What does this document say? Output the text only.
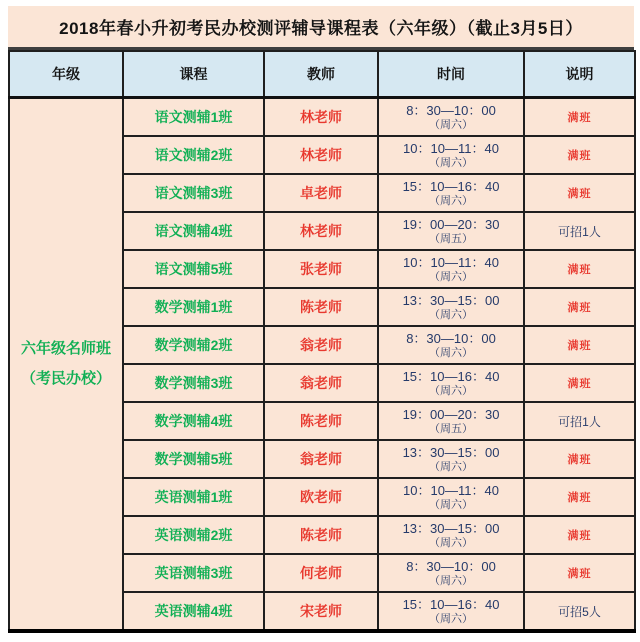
2018年春小升初考民办校测评辅导课程表（六年级）（截止3月5日）
年级	课程	教师	时间	说明

六年级名师班
（考民办校）
	语文测辅1班	林老师	8：30—10：00
（周六）
	满班
	语文测辅2班	林老师	10：10—11：40
（周六）	满班
	语文测辅3班	卓老师	15：10—16：40
（周六）	满班
	语文测辅4班	林老师	19：00—20：30
（周五）	可招1人
	语文测辅5班	张老师	10：10—11：40
（周六）	满班
	数学测辅1班	陈老师	13：30—15：00
（周六）	满班
	数学测辅2班	翁老师	8：30—10：00
（周六）	满班
	数学测辅3班	翁老师	15：10—16：40
（周六）	满班
	数学测辅4班	陈老师	19：00—20：30
（周五）	可招1人
	数学测辅5班	翁老师	13：30—15：00
（周六）	满班
	英语测辅1班	欧老师	10：10—11：40
（周六）	满班
	英语测辅2班	陈老师	13：30—15：00
（周六）	满班
	英语测辅3班	何老师	8：30—10：00
（周六）	满班
	英语测辅4班	宋老师	15：10—16：40
（周六）	可招5人
